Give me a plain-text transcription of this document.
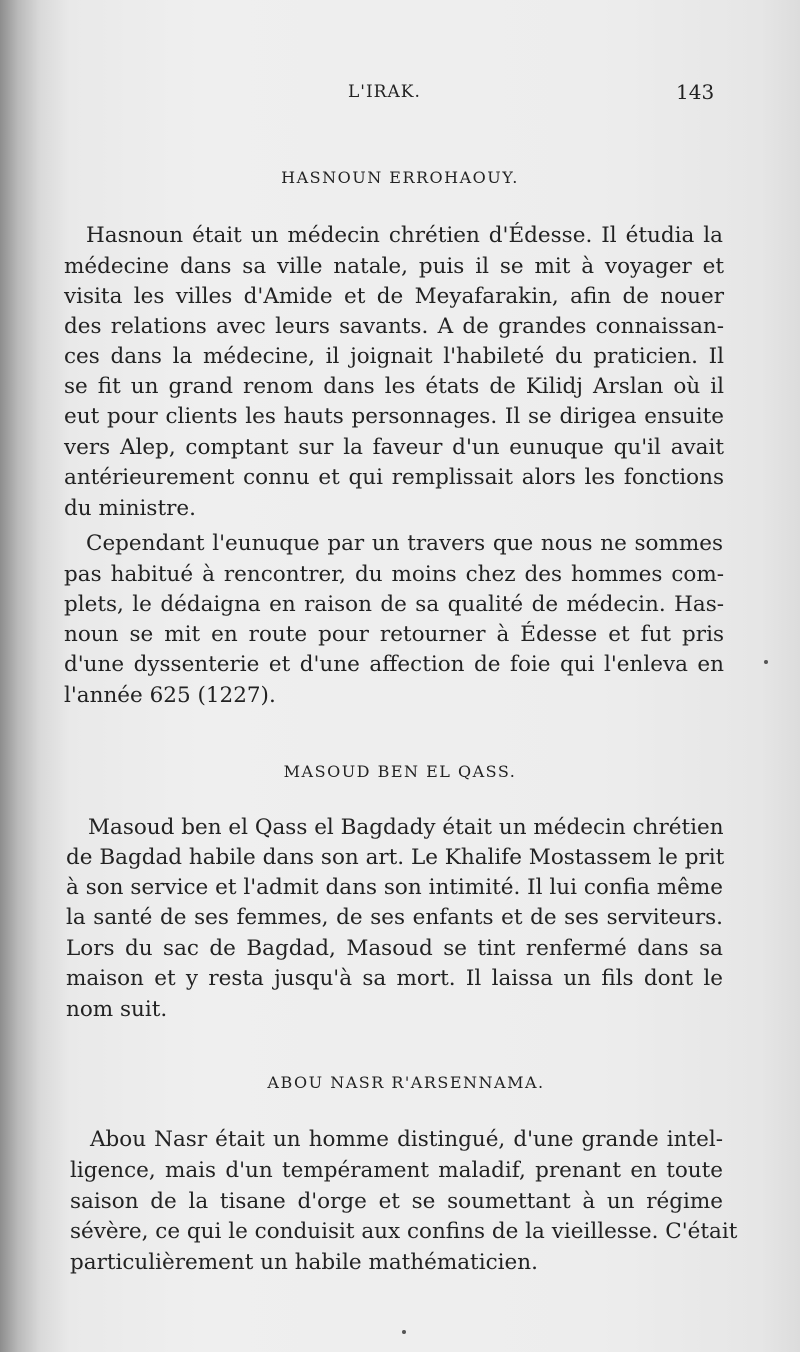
L'IRAK.	143
HASNOUN ERROHAOUY.
Hasnoun était un médecin chrétien d'Édesse. Il étudia la
médecine dans sa ville natale, puis il se mit à voyager et
visita les villes d'Amide et de Meyafarakin, afin de nouer
des relations avec leurs savants. A de grandes connaissan-
ces dans la médecine, il joignait l'habileté du praticien. Il
se fit un grand renom dans les états de Kilidj Arslan où il
eut pour clients les hauts personnages. Il se dirigea ensuite
vers Alep, comptant sur la faveur d'un eunuque qu'il avait
antérieurement connu et qui remplissait alors les fonctions
du ministre.
Cependant l'eunuque par un travers que nous ne sommes
pas habitué à rencontrer, du moins chez des hommes com-
plets, le dédaigna en raison de sa qualité de médecin. Has-
noun se mit en route pour retourner à Édesse et fut pris
d'une dyssenterie et d'une affection de foie qui l'enleva en
l'année 625 (1227).
MASOUD BEN EL QASS.
Masoud ben el Qass el Bagdady était un médecin chrétien
de Bagdad habile dans son art. Le Khalife Mostassem le prit
à son service et l'admit dans son intimité. Il lui confia même
la santé de ses femmes, de ses enfants et de ses serviteurs.
Lors du sac de Bagdad, Masoud se tint renfermé dans sa
maison et y resta jusqu'à sa mort. Il laissa un fils dont le
nom suit.
ABOU NASR R'ARSENNAMA.
Abou Nasr était un homme distingué, d'une grande intel-
ligence, mais d'un tempérament maladif, prenant en toute
saison de la tisane d'orge et se soumettant à un régime
sévère, ce qui le conduisit aux confins de la vieillesse. C'était
particulièrement un habile mathématicien.
